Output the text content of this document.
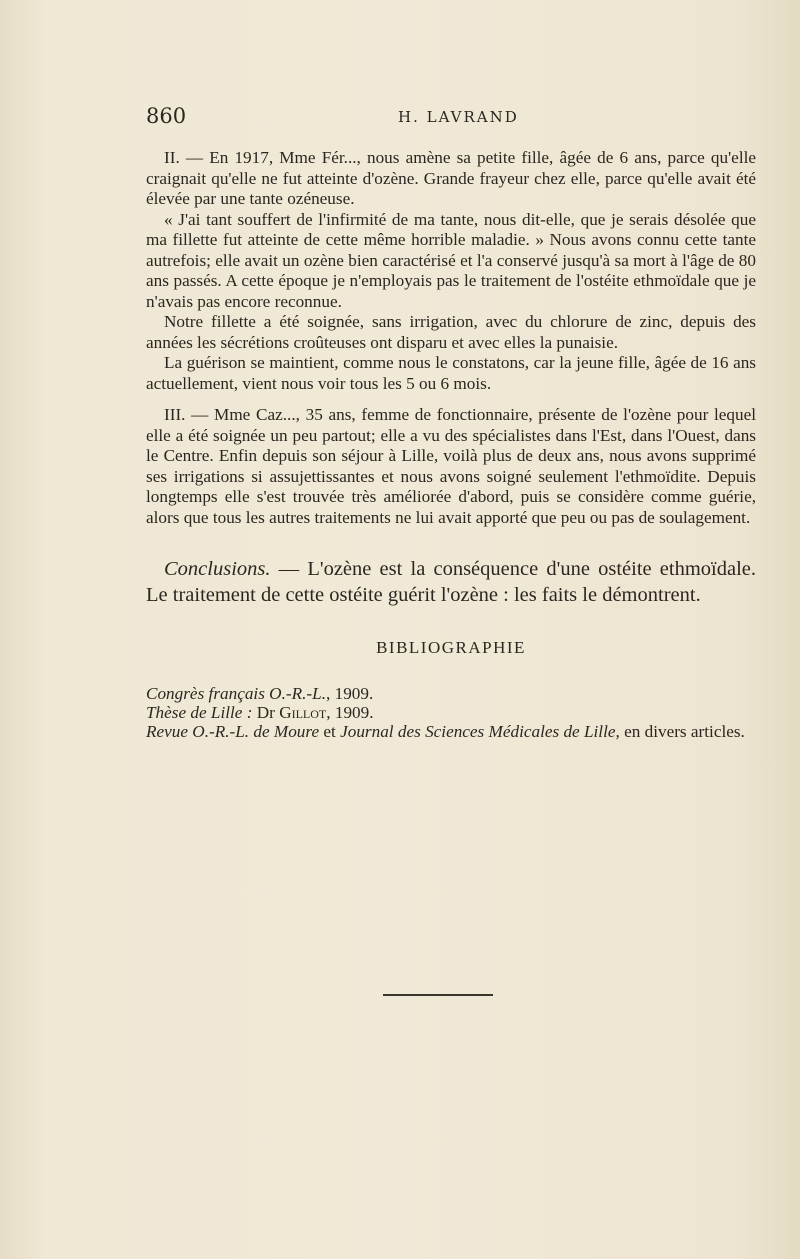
860	H. LAVRAND

II. — En 1917, Mme Fér..., nous amène sa petite fille, âgée de 6 ans, parce qu'elle craignait qu'elle ne fut atteinte d'ozène. Grande frayeur chez elle, parce qu'elle avait été élevée par une tante ozéneuse.

« J'ai tant souffert de l'infirmité de ma tante, nous dit-elle, que je serais désolée que ma fillette fut atteinte de cette même horrible maladie. » Nous avons connu cette tante autrefois; elle avait un ozène bien caractérisé et l'a conservé jusqu'à sa mort à l'âge de 80 ans passés. A cette époque je n'employais pas le traitement de l'ostéite ethmoïdale que je n'avais pas encore reconnue.

Notre fillette a été soignée, sans irrigation, avec du chlorure de zinc, depuis des années les sécrétions croûteuses ont disparu et avec elles la punaisie.

La guérison se maintient, comme nous le constatons, car la jeune fille, âgée de 16 ans actuellement, vient nous voir tous les 5 ou 6 mois.

III. — Mme Caz..., 35 ans, femme de fonctionnaire, présente de l'ozène pour lequel elle a été soignée un peu partout; elle a vu des spécialistes dans l'Est, dans l'Ouest, dans le Centre. Enfin depuis son séjour à Lille, voilà plus de deux ans, nous avons supprimé ses irrigations si assujettissantes et nous avons soigné seulement l'ethmoïdite. Depuis longtemps elle s'est trouvée très améliorée d'abord, puis se considère comme guérie, alors que tous les autres traitements ne lui avait apporté que peu ou pas de soulagement.

Conclusions. — L'ozène est la conséquence d'une ostéite ethmoïdale. Le traitement de cette ostéite guérit l'ozène : les faits le démontrent.

BIBLIOGRAPHIE
Congrès français O.-R.-L., 1909.
Thèse de Lille : Dr Gillot, 1909.
Revue O.-R.-L. de Moure et Journal des Sciences Médicales de Lille, en divers articles.
